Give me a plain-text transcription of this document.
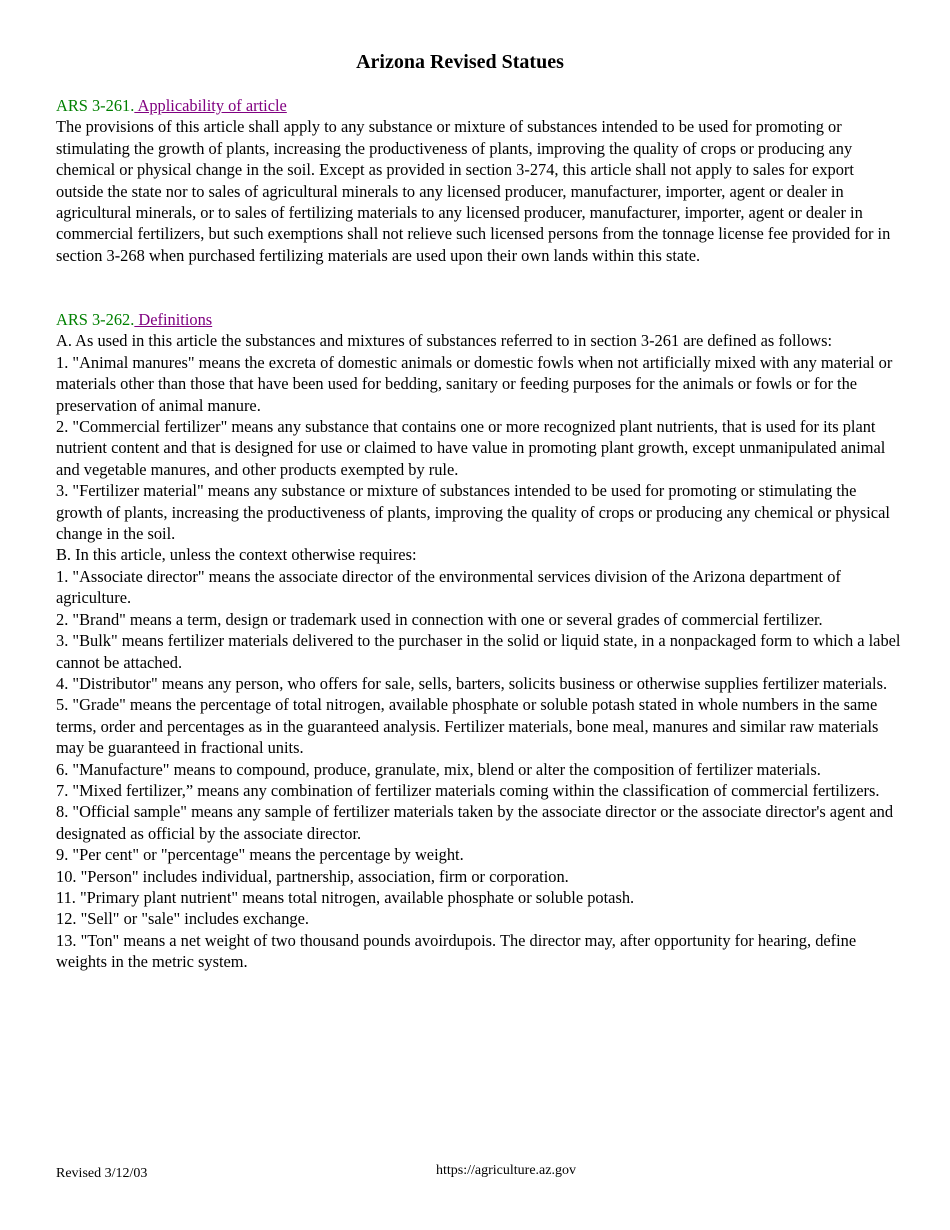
Arizona Revised Statues
ARS 3-261. Applicability of article
The provisions of this article shall apply to any substance or mixture of substances intended to be used for promoting or stimulating the growth of plants, increasing the productiveness of plants, improving the quality of crops or producing any chemical or physical change in the soil. Except as provided in section 3-274, this article shall not apply to sales for export outside the state nor to sales of agricultural minerals to any licensed producer, manufacturer, importer, agent or dealer in agricultural minerals, or to sales of fertilizing materials to any licensed producer, manufacturer, importer, agent or dealer in commercial fertilizers, but such exemptions shall not relieve such licensed persons from the tonnage license fee provided for in section 3-268 when purchased fertilizing materials are used upon their own lands within this state.
ARS 3-262. Definitions
A. As used in this article the substances and mixtures of substances referred to in section 3-261 are defined as follows:
1. "Animal manures" means the excreta of domestic animals or domestic fowls when not artificially mixed with any material or materials other than those that have been used for bedding, sanitary or feeding purposes for the animals or fowls or for the preservation of animal manure.
2. "Commercial fertilizer" means any substance that contains one or more recognized plant nutrients, that is used for its plant nutrient content and that is designed for use or claimed to have value in promoting plant growth, except unmanipulated animal and vegetable manures, and other products exempted by rule.
3. "Fertilizer material" means any substance or mixture of substances intended to be used for promoting or stimulating the growth of plants, increasing the productiveness of plants, improving the quality of crops or producing any chemical or physical change in the soil.
B. In this article, unless the context otherwise requires:
1. "Associate director" means the associate director of the environmental services division of the Arizona department of agriculture.
2. "Brand" means a term, design or trademark used in connection with one or several grades of commercial fertilizer.
3. "Bulk" means fertilizer materials delivered to the purchaser in the solid or liquid state, in a nonpackaged form to which a label cannot be attached.
4. "Distributor" means any person, who offers for sale, sells, barters, solicits business or otherwise supplies fertilizer materials.
5. "Grade" means the percentage of total nitrogen, available phosphate or soluble potash stated in whole numbers in the same terms, order and percentages as in the guaranteed analysis. Fertilizer materials, bone meal, manures and similar raw materials may be guaranteed in fractional units.
6. "Manufacture" means to compound, produce, granulate, mix, blend or alter the composition of fertilizer materials.
7. "Mixed fertilizer,” means any combination of fertilizer materials coming within the classification of commercial fertilizers.
8. "Official sample" means any sample of fertilizer materials taken by the associate director or the associate director's agent and designated as official by the associate director.
9. "Per cent" or "percentage" means the percentage by weight.
10. "Person" includes individual, partnership, association, firm or corporation.
11. "Primary plant nutrient" means total nitrogen, available phosphate or soluble potash.
12. "Sell" or "sale" includes exchange.
13. "Ton" means a net weight of two thousand pounds avoirdupois. The director may, after opportunity for hearing, define weights in the metric system.
Revised 3/12/03	https://agriculture.az.gov
